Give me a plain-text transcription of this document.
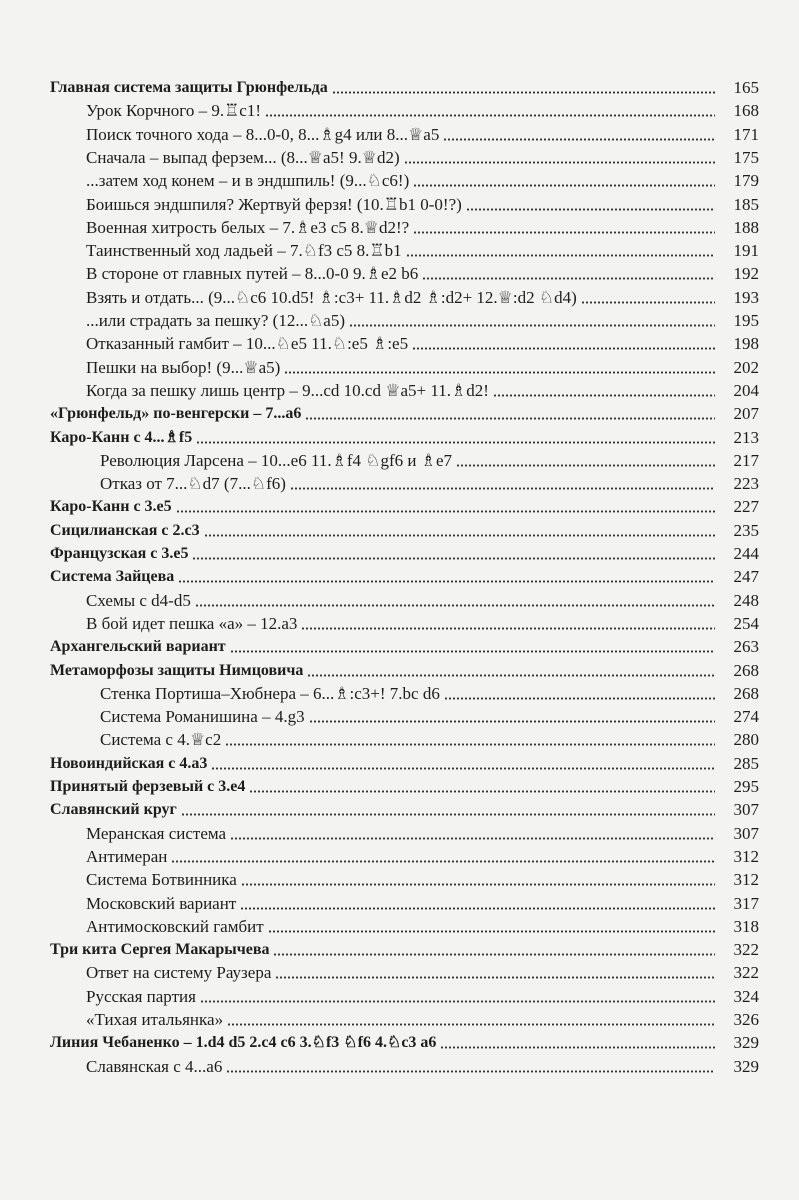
Главная система защиты Грюнфельда	165
Урок Корчного – 9.♖c1!	168
Поиск точного хода – 8...0-0, 8...♗g4 или 8...♕a5	171
Сначала – выпад ферзем... (8...♕a5! 9.♕d2)	175
...затем ход конем – и в эндшпиль! (9...♘c6!)	179
Боишься эндшпиля? Жертвуй ферзя! (10.♖b1 0-0!?)	185
Военная хитрость белых – 7.♗e3 c5 8.♕d2!?	188
Таинственный ход ладьей – 7.♘f3 c5 8.♖b1	191
В стороне от главных путей – 8...0-0 9.♗e2 b6	192
Взять и отдать... (9...♘c6 10.d5! ♗:c3+ 11.♗d2 ♗:d2+ 12.♕:d2 ♘d4)	193
...или страдать за пешку? (12...♘a5)	195
Отказанный гамбит – 10...♘e5 11.♘:e5 ♗:e5	198
Пешки на выбор! (9...♕a5)	202
Когда за пешку лишь центр – 9...cd 10.cd ♕a5+ 11.♗d2!	204
«Грюнфельд» по-венгерски – 7...a6	207
Каро-Канн с 4...♗f5	213
Революция Ларсена – 10...e6 11.♗f4 ♘gf6 и ♗e7	217
Отказ от 7...♘d7 (7...♘f6)	223
Каро-Канн с 3.e5	227
Сицилианская с 2.c3	235
Французская с 3.e5	244
Система Зайцева	247
Схемы с d4-d5	248
В бой идет пешка «а» – 12.a3	254
Архангельский вариант	263
Метаморфозы защиты Нимцовича	268
Стенка Портиша–Хюбнера – 6...♗:c3+! 7.bc d6	268
Система Романишина – 4.g3	274
Система с 4.♕c2	280
Новоиндийская с 4.a3	285
Принятый ферзевый с 3.e4	295
Славянский круг	307
Меранская система	307
Антимеран	312
Система Ботвинника	312
Московский вариант	317
Антимосковский гамбит	318
Три кита Сергея Макарычева	322
Ответ на систему Раузера	322
Русская партия	324
«Тихая итальянка»	326
Линия Чебаненко – 1.d4 d5 2.c4 c6 3.♘f3 ♘f6 4.♘c3 a6	329
Славянская с 4...a6	329
